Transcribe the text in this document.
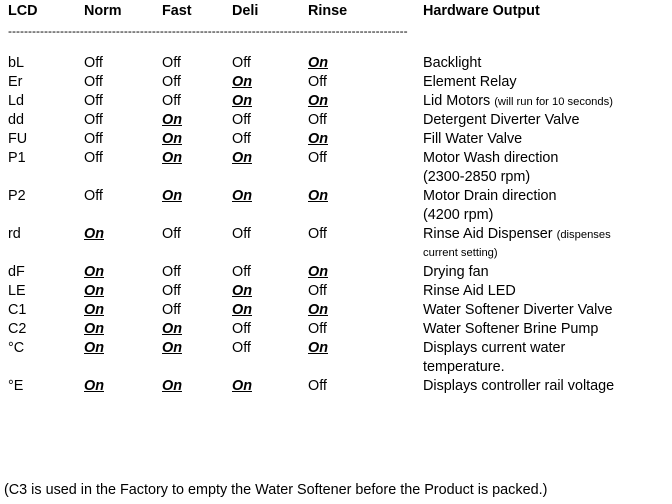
LCD	Norm	Fast	Deli	Rinse	Hardware Output
----------------------------------------------------------------------------------------------------
bL	Off	Off	Off	On	Backlight
Er	Off	Off	On	Off	Element Relay
Ld	Off	Off	On	On	Lid Motors (will run for 10 seconds)
dd	Off	On	Off	Off	Detergent Diverter Valve
FU	Off	On	Off	On	Fill Water Valve
P1	Off	On	On	Off	Motor Wash direction
(2300-2850 rpm)
P2	Off	On	On	On	Motor Drain direction
(4200 rpm)
rd	On	Off	Off	Off	Rinse Aid Dispenser (dispenses
current setting)
dF	On	Off	Off	On	Drying fan
LE	On	Off	On	Off	Rinse Aid LED
C1	On	Off	On	On	Water Softener Diverter Valve
C2	On	On	Off	Off	Water Softener Brine Pump
°C	On	On	Off	On	Displays current water
temperature.
°E	On	On	On	Off	Displays controller rail voltage
(C3 is used in the Factory to empty the Water Softener before the Product is packed.)
